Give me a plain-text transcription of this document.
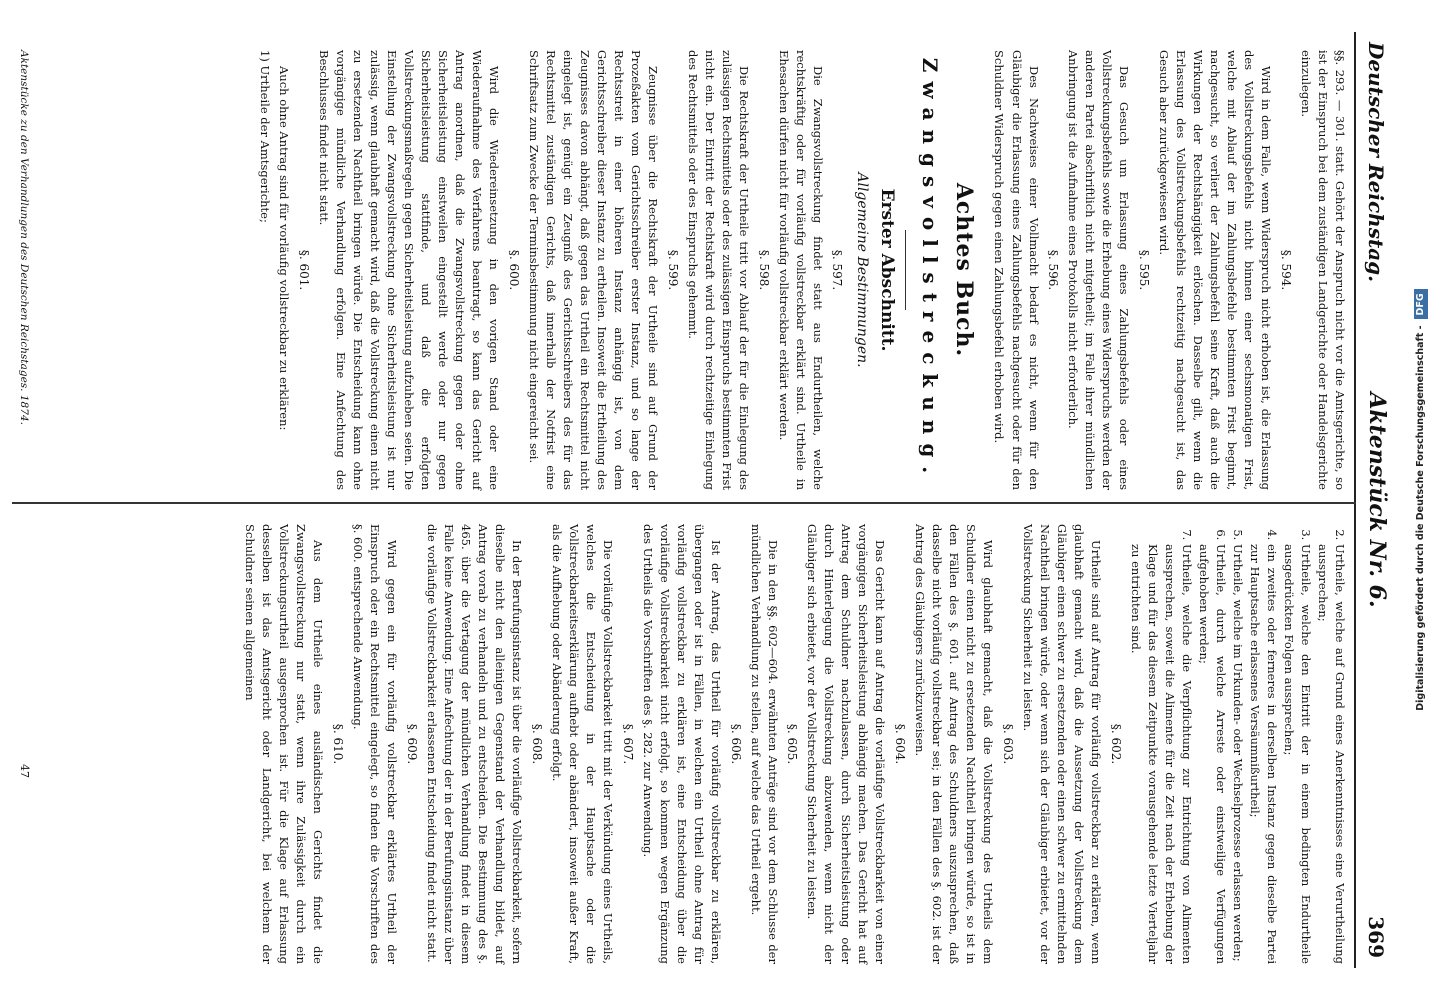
Deutscher Reichstag.
Aktenstück Nr. 6.
369

§§. 293. — 301. statt. Gehört der Anspruch nicht vor die Amtsgerichte, so ist der Einspruch bei dem zuständigen Landgerichte oder Handelsgerichte einzulegen.

§. 594.

Wird in dem Falle, wenn Widerspruch nicht erhoben ist, die Erlassung des Vollstreckungsbefehls nicht binnen einer sechsmonatigen Frist, welche mit Ablauf der im Zahlungsbefehle bestimmten Frist beginnt, nachgesucht, so verliert der Zahlungsbefehl seine Kraft, daß auch die Wirkungen der Rechtshängigkeit erlöschen. Dasselbe gilt, wenn die Erlassung des Vollstreckungsbefehls rechtzeitig nachgesucht ist, das Gesuch aber zurückgewiesen wird.

§. 595.

Das Gesuch um Erlassung eines Zahlungsbefehls oder eines Vollstreckungsbefehls sowie die Erhebung eines Widerspruchs werden der anderen Partei abschriftlich nicht mitgetheilt; im Falle ihrer mündlichen Anbringung ist die Aufnahme eines Protokolls nicht erforderlich.

§. 596.

Des Nachweises einer Vollmacht bedarf es nicht, wenn für den Gläubiger die Erlassung eines Zahlungsbefehls nachgesucht oder für den Schuldner Widerspruch gegen einen Zahlungsbefehl erhoben wird.

Achtes Buch.
Zwangsvollstreckung.
Erster Abschnitt.
Allgemeine Bestimmungen.
§. 597.

Die Zwangsvollstreckung findet statt aus Endurtheilen, welche rechtskräftig oder für vorläufig vollstreckbar erklärt sind. Urtheile in Ehesachen dürfen nicht für vorläufig vollstreckbar erklärt werden.

§. 598.

Die Rechtskraft der Urtheile tritt vor Ablauf der für die Einlegung des zulässigen Rechtsmittels oder des zulässigen Einspruchs bestimmten Frist nicht ein. Der Eintritt der Rechtskraft wird durch rechtzeitige Einlegung des Rechtsmittels oder des Einspruchs gehemmt.

§. 599.

Zeugnisse über die Rechtskraft der Urtheile sind auf Grund der Prozeßakten vom Gerichtsschreiber erster Instanz, und so lange der Rechtsstreit in einer höheren Instanz anhängig ist, von dem Gerichtsschreiber dieser Instanz zu ertheilen. Insoweit die Ertheilung des Zeugnisses davon abhängt, daß gegen das Urtheil ein Rechtsmittel nicht eingelegt ist, genügt ein Zeugniß des Gerichtsschreibers des für das Rechtsmittel zuständigen Gerichts, daß innerhalb der Notfrist eine Schriftsatz zum Zwecke der Terminsbestimmung nicht eingereicht sei.

§. 600.

Wird die Wiedereinsetzung in den vorigen Stand oder eine Wiederaufnahme des Verfahrens beantragt, so kann das Gericht auf Antrag anordnen, daß die Zwangsvollstreckung gegen oder ohne Sicherheitsleistung einstweilen eingestellt werde oder nur gegen Sicherheitsleistung stattfinde, und daß die erfolgten Vollstreckungsmaßregeln gegen Sicherheitsleistung aufzuheben seien. Die Einstellung der Zwangsvollstreckung ohne Sicherheitsleistung ist nur zulässig, wenn glaubhaft gemacht wird, daß die Vollstreckung einen nicht zu ersetzenden Nachtheil bringen würde. Die Entscheidung kann ohne vorgängige mündliche Verhandlung erfolgen. Eine Anfechtung des Beschlusses findet nicht statt.

§. 601.

Auch ohne Antrag sind für vorläufig vollstreckbar zu erklären:

1) Urtheile der Amtsgerichte;

2. Urtheile, welche auf Grund eines Anerkenntnisses eine Verurtheilung aussprechen;
3. Urtheile, welche den Eintritt der in einem bedingten Endurtheile ausgedrückten Folgen aussprechen;
4. ein zweites oder ferneres in derselben Instanz gegen dieselbe Partei zur Hauptsache erlassenes Versäumnißurtheil;
5. Urtheile, welche im Urkunden- oder Wechselprozesse erlassen werden;
6. Urtheile, durch welche Arreste oder einstweilige Verfügungen aufgehoben werden;
7. Urtheile, welche die Verpflichtung zur Entrichtung von Alimenten aussprechen, soweit die Alimente für die Zeit nach der Erhebung der Klage und für das diesem Zeitpunkte vorausgehende letzte Vierteljahr zu entrichten sind.
§. 602.

Urtheile sind auf Antrag für vorläufig vollstreckbar zu erklären, wenn glaubhaft gemacht wird, daß die Aussetzung der Vollstreckung dem Gläubiger einen schwer zu ersetzenden oder einen schwer zu ermittelnden Nachtheil bringen würde, oder wenn sich der Gläubiger erbietet, vor der Vollstreckung Sicherheit zu leisten.

§. 603.

Wird glaubhaft gemacht, daß die Vollstreckung des Urtheils dem Schuldner einen nicht zu ersetzenden Nachtheil bringen würde, so ist in den Fällen des §. 601. auf Antrag des Schuldners auszusprechen, daß dasselbe nicht vorläufig vollstreckbar sei; in den Fällen des §. 602. ist der Antrag des Gläubigers zurückzuweisen.

§. 604.

Das Gericht kann auf Antrag die vorläufige Vollstreckbarkeit von einer vorgängigen Sicherheitsleistung abhängig machen. Das Gericht hat auf Antrag dem Schuldner nachzulassen, durch Sicherheitsleistung oder durch Hinterlegung die Vollstreckung abzuwenden, wenn nicht der Gläubiger sich erbietet, vor der Vollstreckung Sicherheit zu leisten.

§. 605.

Die in den §§. 602—604. erwähnten Anträge sind vor dem Schlusse der mündlichen Verhandlung zu stellen, auf welche das Urtheil ergeht.

§. 606.

Ist der Antrag, das Urtheil für vorläufig vollstreckbar zu erklären, übergangen oder ist in Fällen, in welchen ein Urtheil ohne Antrag für vorläufig vollstreckbar zu erklären ist, eine Entscheidung über die vorläufige Vollstreckbarkeit nicht erfolgt, so kommen wegen Ergänzung des Urtheils die Vorschriften des §. 282. zur Anwendung.

§. 607.

Die vorläufige Vollstreckbarkeit tritt mit der Verkündung eines Urtheils, welches die Entscheidung in der Hauptsache oder die Vollstreckbarkeitserklärung aufhebt oder abändert, insoweit außer Kraft, als die Aufhebung oder Abänderung erfolgt.

§. 608.

In der Berufungsinstanz ist über die vorläufige Vollstreckbarkeit, sofern dieselbe nicht den alleinigen Gegenstand der Verhandlung bildet, auf Antrag vorab zu verhandeln und zu entscheiden. Die Bestimmung des §. 465. über die Vertagung der mündlichen Verhandlung findet in diesem Falle keine Anwendung. Eine Anfechtung der in der Berufungsinstanz über die vorläufige Vollstreckbarkeit erlassenen Entscheidung findet nicht statt.

§. 609.

Wird gegen ein für vorläufig vollstreckbar erklärtes Urtheil der Einspruch oder ein Rechtsmittel eingelegt, so finden die Vorschriften des §. 600. entsprechende Anwendung.

§. 610.

Aus dem Urtheile eines ausländischen Gerichts findet die Zwangsvollstreckung nur statt, wenn ihre Zulässigkeit durch ein Vollstreckungsurtheil ausgesprochen ist. Für die Klage auf Erlassung desselben ist das Amtsgericht oder Landgericht, bei welchem der Schuldner seinen allgemeinen

Aktenstücke zu den Verhandlungen des Deutschen Reichstages. 1874.
47
Digitalisierung gefördert durch die Deutsche Forschungsgemeinschaft -DFG
